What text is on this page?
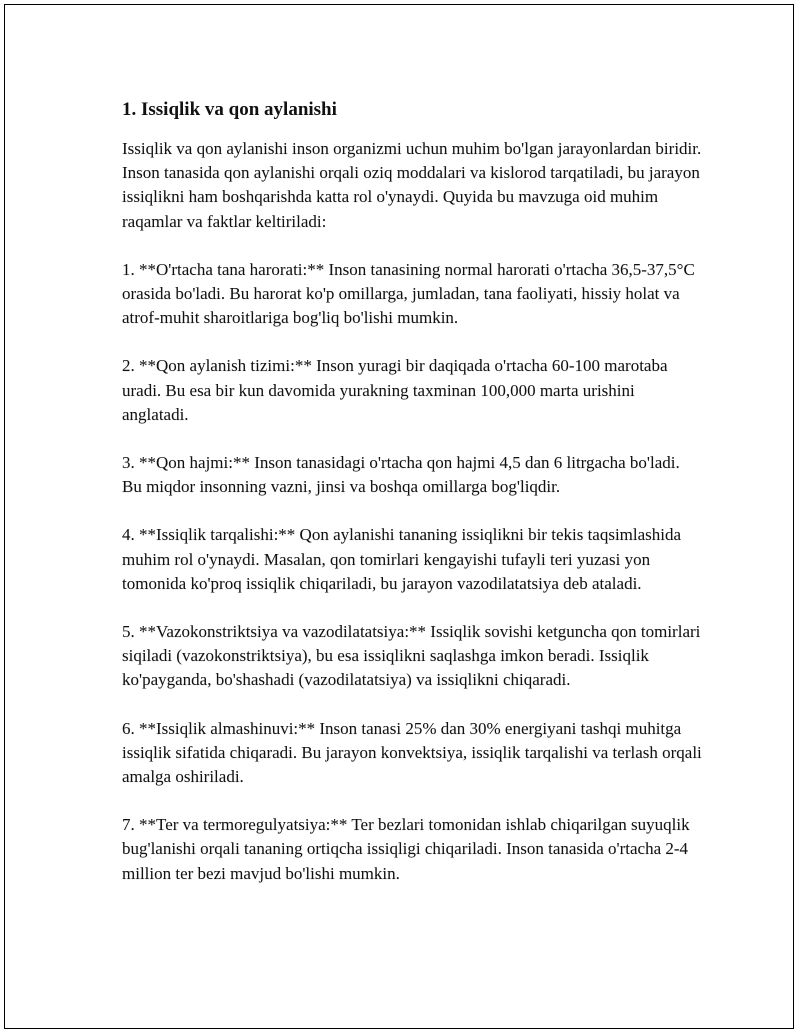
1. Issiqlik va qon aylanishi

Issiqlik va qon aylanishi inson organizmi uchun muhim bo'lgan jarayonlardan biridir. Inson tanasida qon aylanishi orqali oziq moddalari va kislorod tarqatiladi, bu jarayon issiqlikni ham boshqarishda katta rol o'ynaydi. Quyida bu mavzuga oid muhim raqamlar va faktlar keltiriladi:

1. **O'rtacha tana harorati:** Inson tanasining normal harorati o'rtacha 36,5-37,5°C orasida bo'ladi. Bu harorat ko'p omillarga, jumladan, tana faoliyati, hissiy holat va atrof-muhit sharoitlariga bog'liq bo'lishi mumkin.

2. **Qon aylanish tizimi:** Inson yuragi bir daqiqada o'rtacha 60-100 marotaba uradi. Bu esa bir kun davomida yurakning taxminan 100,000 marta urishini anglatadi.

3. **Qon hajmi:** Inson tanasidagi o'rtacha qon hajmi 4,5 dan 6 litrgacha bo'ladi. Bu miqdor insonning vazni, jinsi va boshqa omillarga bog'liqdir.

4. **Issiqlik tarqalishi:** Qon aylanishi tananing issiqlikni bir tekis taqsimlashida muhim rol o'ynaydi. Masalan, qon tomirlari kengayishi tufayli teri yuzasi yon tomonida ko'proq issiqlik chiqariladi, bu jarayon vazodilatatsiya deb ataladi.

5. **Vazokonstriktsiya va vazodilatatsiya:** Issiqlik sovishi ketguncha qon tomirlari siqiladi (vazokonstriktsiya), bu esa issiqlikni saqlashga imkon beradi. Issiqlik ko'payganda, bo'shashadi (vazodilatatsiya) va issiqlikni chiqaradi.

6. **Issiqlik almashinuvi:** Inson tanasi 25% dan 30% energiyani tashqi muhitga issiqlik sifatida chiqaradi. Bu jarayon konvektsiya, issiqlik tarqalishi va terlash orqali amalga oshiriladi.

7. **Ter va termoregulyatsiya:** Ter bezlari tomonidan ishlab chiqarilgan suyuqlik bug'lanishi orqali tananing ortiqcha issiqligi chiqariladi. Inson tanasida o'rtacha 2-4 million ter bezi mavjud bo'lishi mumkin.
